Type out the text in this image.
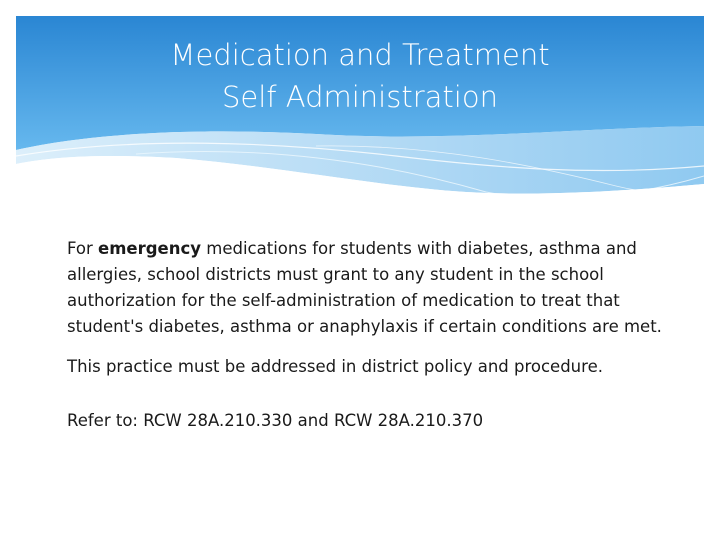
Medication and Treatment
Self Administration

For emergency medications for students with diabetes, asthma and allergies, school districts must grant to any student in the school authorization for the self-administration of medication to treat that student's diabetes, asthma or anaphylaxis if certain conditions are met.

This practice must be addressed in district policy and procedure.

Refer to: RCW 28A.210.330 and RCW 28A.210.370
